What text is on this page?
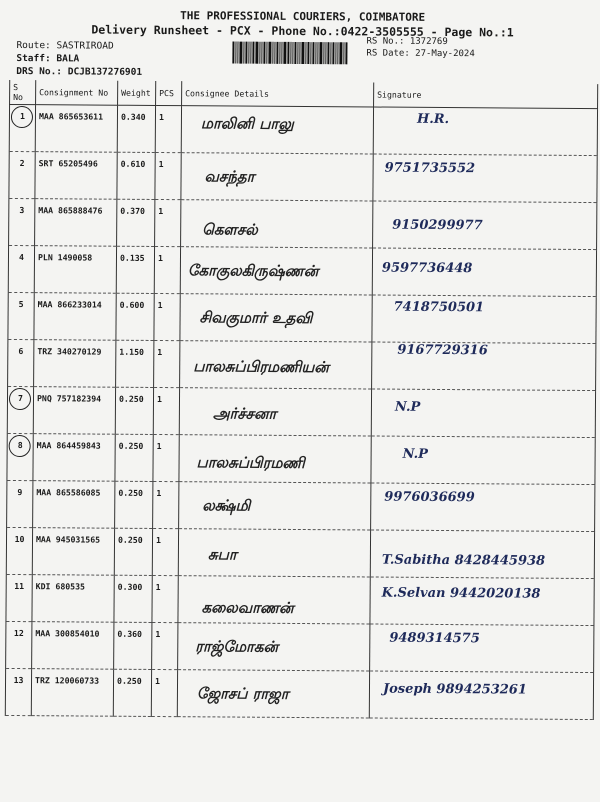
THE PROFESSIONAL COURIERS, COIMBATORE
Delivery Runsheet - PCX - Phone No.:0422-3505555 - Page No.:1
Route: SASTRIROAD
Staff: BALA
DRS No.: DCJB137276901
RS No.: 1372769
RS Date: 27-May-2024
S No	Consignment No	Weight	PCS	Consignee Details	Signature

1	MAA 865653611	0.340	1	மாலினி பாலு	H.R.
2	SRT 65205496	0.610	1	வசந்தா	9751735552
3	MAA 865888476	0.370	1	கௌசல்	9150299977
4	PLN 1490058	0.135	1	கோகுலகிருஷ்ணன்	9597736448
5	MAA 866233014	0.600	1	சிவகுமார் உதவி	7418750501
6	TRZ 340270129	1.150	1	பாலசுப்பிரமணியன்	9167729316

7	PNQ 757182394	0.250	1	அர்ச்சனா	N.P

8	MAA 864459843	0.250	1	பாலசுப்பிரமணி	N.P
9	MAA 865586085	0.250	1	லக்ஷ்மி	9976036699
10	MAA 945031565	0.250	1	சுபா	T.Sabitha 8428445938
11	KDI 680535	0.300	1	கலைவாணன்	K.Selvan 9442020138
12	MAA 300854010	0.360	1	ராஜ்மோகன்	9489314575
13	TRZ 120060733	0.250	1	ஜோசப் ராஜா	Joseph 9894253261
